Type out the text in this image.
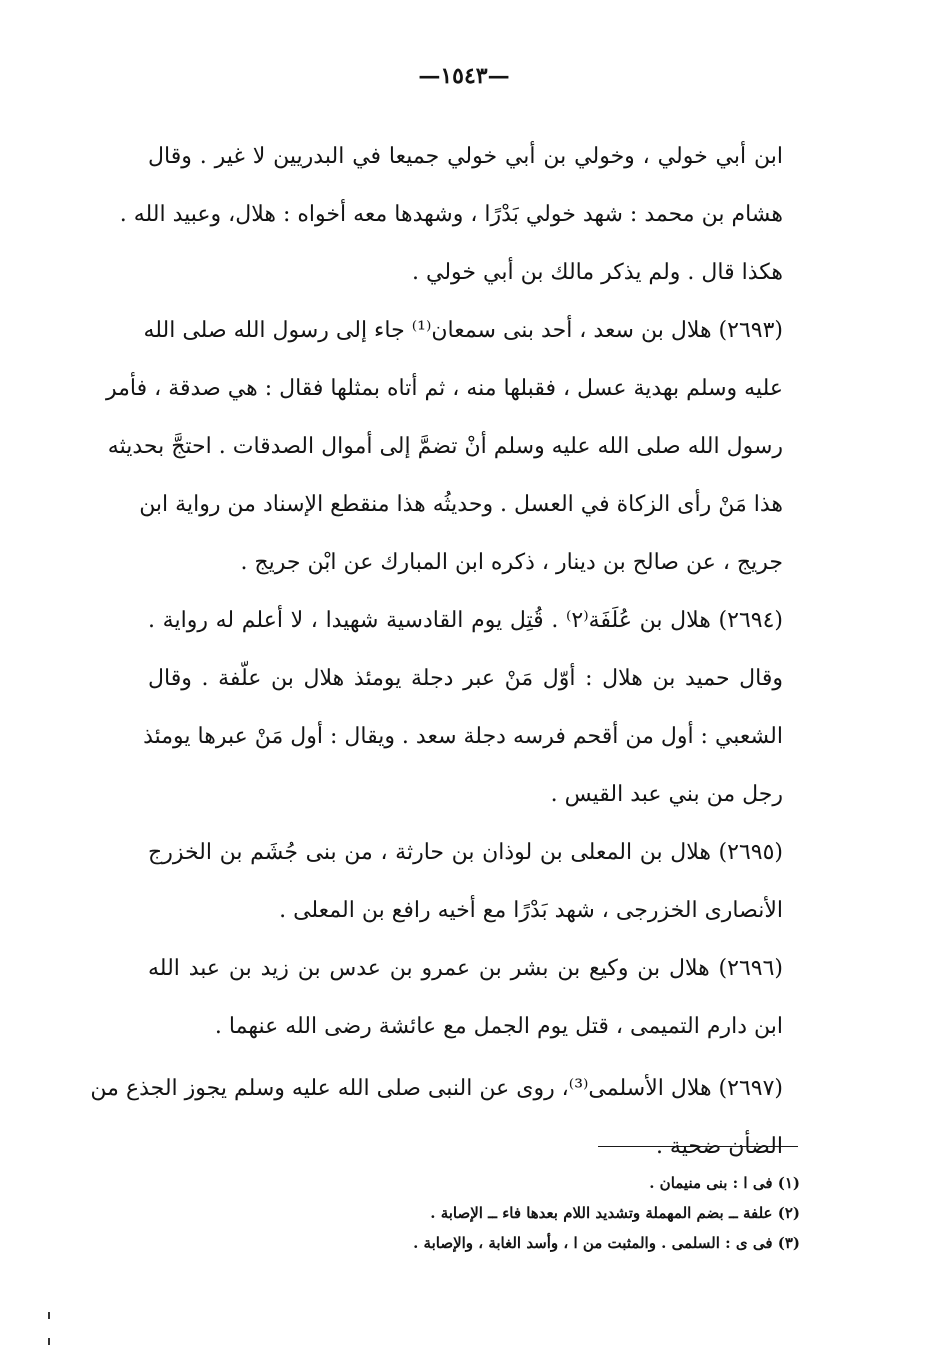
—١٥٤٣—
ابن أبي خولي ، وخولي بن أبي خولي جميعا في البدريين لا غير . وقال
هشام بن محمد : شهد خولي بَدْرًا ، وشهدها معه أخواه : هلال، وعبيد الله .
هكذا قال . ولم يذكر مالك بن أبي خولي .
(٢٦٩٣) هلال بن سعد ، أحد بنى سمعان⁽¹⁾ جاء إلى رسول الله صلى الله
عليه وسلم بهدية عسل ، فقبلها منه ، ثم أتاه بمثلها فقال : هي صدقة ، فأمر
رسول الله صلى الله عليه وسلم أنْ تضمَّ إلى أموال الصدقات . احتجَّ بحديثه
هذا مَنْ رأى الزكاة في العسل . وحديثُه هذا منقطع الإسناد من رواية ابن
جريج ، عن صالح بن دينار ، ذكره ابن المبارك عن ابْن جريج .
(٢٦٩٤) هلال بن عُلَفَة⁽٢⁾ . قُتِل يوم القادسية شهيدا ، لا أعلم له رواية .
وقال حميد بن هلال : أوّل مَنْ عبر دجلة يومئذ هلال بن علّفة . وقال
الشعبي : أول من أقحم فرسه دجلة سعد . ويقال : أول مَنْ عبرها يومئذ
رجل من بني عبد القيس .
(٢٦٩٥) هلال بن المعلى بن لوذان بن حارثة ، من بنى جُشَم بن الخزرج
الأنصارى الخزرجى ، شهد بَدْرًا مع أخيه رافع بن المعلى .
(٢٦٩٦) هلال بن وكيع بن بشر بن عمرو بن عدس بن زيد بن عبد الله
ابن دارم التميمى ، قتل يوم الجمل مع عائشة رضى الله عنهما .
(٢٦٩٧) هلال الأسلمى⁽³⁾، روى عن النبى صلى الله عليه وسلم يجوز الجذع من
الضأن ضحية .
(١) فى ا : بنى منيمان .
(٢) علفة ــ بضم المهملة وتشديد اللام بعدها فاء ــ الإصابة .
(٣) فى ى : السلمى . والمثبت من ا ، وأسد الغابة ، والإصابة .
